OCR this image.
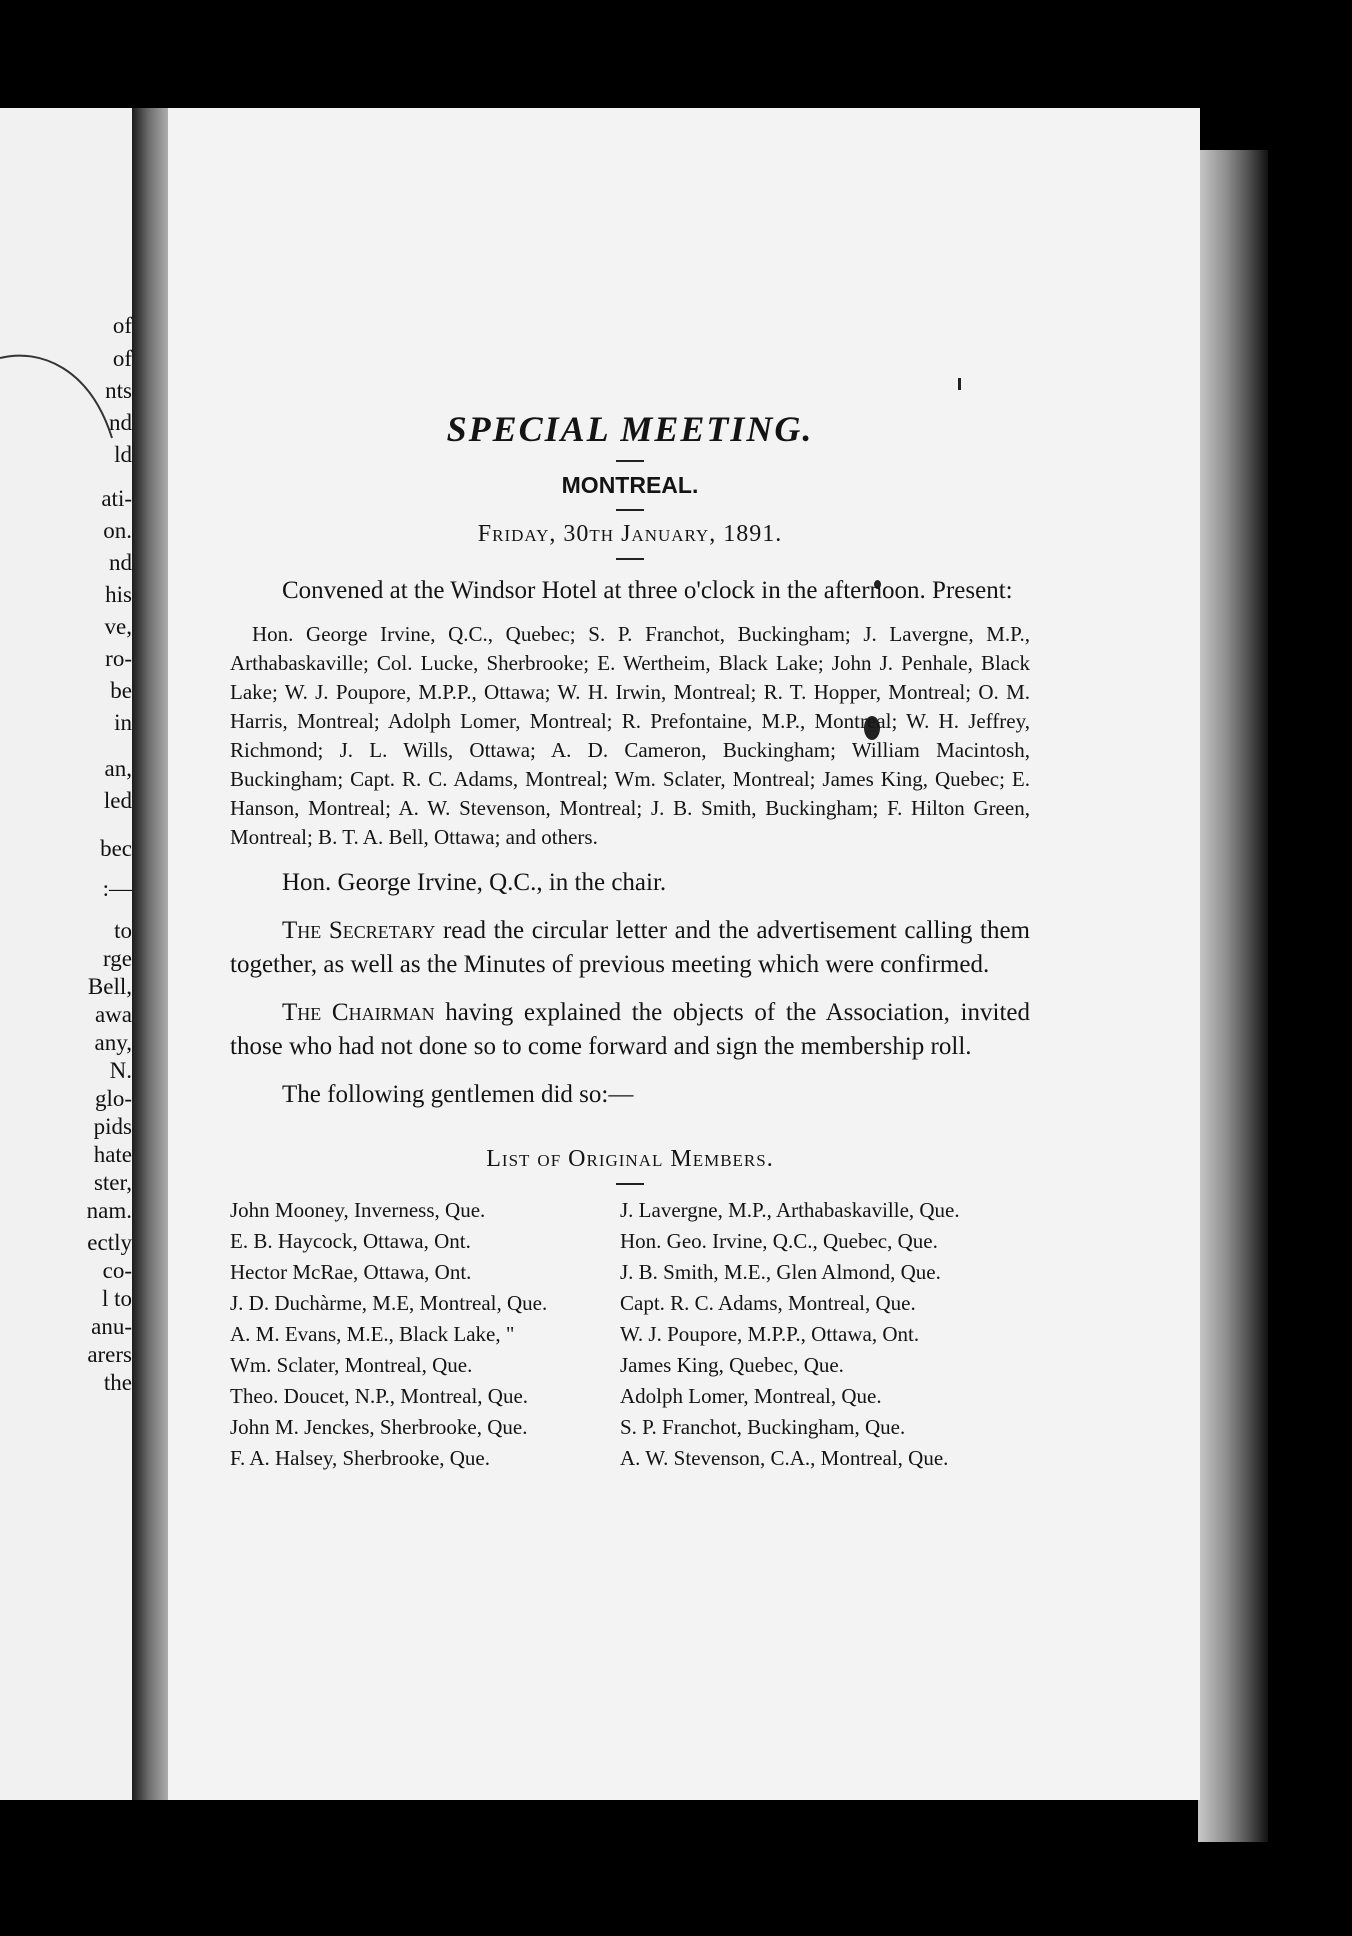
of
of
nts
nd
ld
ati-
on.
nd
his
ve,
ro-
be
in
an,
led
bec
:—
to
rge
Bell,
awa
any,
N.
glo-
pids
hate
ster,
nam.
ectly
co-
l to
anu-
arers
the
SPECIAL MEETING.
MONTREAL.
Friday, 30th January, 1891.

Convened at the Windsor Hotel at three o'clock in the afternoon. Present:

Hon. George Irvine, Q.C., Quebec; S. P. Franchot, Buckingham; J. Lavergne, M.P., Arthabaskaville; Col. Lucke, Sherbrooke; E. Wertheim, Black Lake; John J. Penhale, Black Lake; W. J. Poupore, M.P.P., Ottawa; W. H. Irwin, Montreal; R. T. Hopper, Montreal; O. M. Harris, Montreal; Adolph Lomer, Montreal; R. Prefontaine, M.P., Montreal; W. H. Jeffrey, Richmond; J. L. Wills, Ottawa; A. D. Cameron, Buckingham; William Macintosh, Buckingham; Capt. R. C. Adams, Montreal; Wm. Sclater, Montreal; James King, Quebec; E. Hanson, Montreal; A. W. Stevenson, Montreal; J. B. Smith, Buckingham; F. Hilton Green, Montreal; B. T. A. Bell, Ottawa; and others.

Hon. George Irvine, Q.C., in the chair.

The Secretary read the circular letter and the advertisement calling them together, as well as the Minutes of previous meeting which were confirmed.

The Chairman having explained the objects of the Association, invited those who had not done so to come forward and sign the membership roll.

The following gentlemen did so:—

List of Original Members.
John Mooney, Inverness, Que.
E. B. Haycock, Ottawa, Ont.
Hector McRae, Ottawa, Ont.
J. D. Duchàrme, M.E, Montreal, Que.
A. M. Evans, M.E., Black Lake, "
Wm. Sclater, Montreal, Que.
Theo. Doucet, N.P., Montreal, Que.
John M. Jenckes, Sherbrooke, Que.
F. A. Halsey, Sherbrooke, Que.
J. Lavergne, M.P., Arthabaskaville, Que.
Hon. Geo. Irvine, Q.C., Quebec, Que.
J. B. Smith, M.E., Glen Almond, Que.
Capt. R. C. Adams, Montreal, Que.
W. J. Poupore, M.P.P., Ottawa, Ont.
James King, Quebec, Que.
Adolph Lomer, Montreal, Que.
S. P. Franchot, Buckingham, Que.
A. W. Stevenson, C.A., Montreal, Que.
